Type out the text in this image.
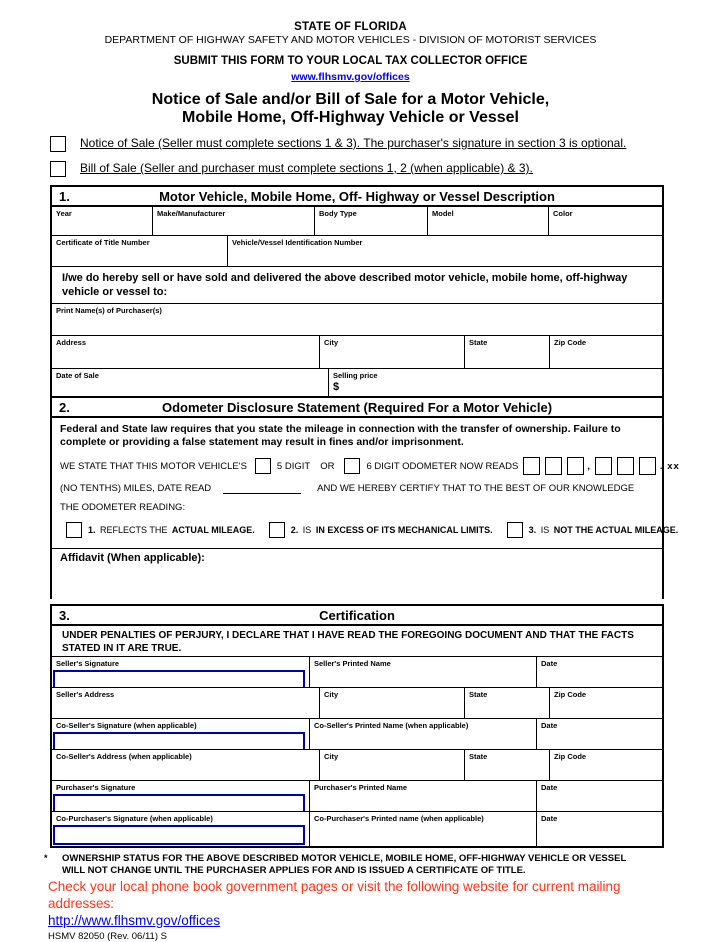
STATE OF FLORIDA
DEPARTMENT OF HIGHWAY SAFETY AND MOTOR VEHICLES - DIVISION OF MOTORIST SERVICES
SUBMIT THIS FORM TO YOUR LOCAL TAX COLLECTOR OFFICE
www.flhsmv.gov/offices
Notice of Sale and/or Bill of Sale for a Motor Vehicle,
Mobile Home, Off-Highway Vehicle or Vessel
Notice of Sale (Seller must complete sections 1 & 3). The purchaser's signature in section 3 is optional.
Bill of Sale (Seller and purchaser must complete sections 1, 2 (when applicable) & 3).
1.	Motor Vehicle, Mobile Home, Off- Highway or Vessel Description
Year	Make/Manufacturer	Body Type	Model	Color
Certificate of Title Number	Vehicle/Vessel Identification Number
I/we do hereby sell or have sold and delivered the above described motor vehicle, mobile home, off-highway vehicle or vessel to:
Print Name(s) of Purchaser(s)
Address	City	State	Zip Code
Date of Sale	Selling price
$
2.	Odometer Disclosure Statement (Required For a Motor Vehicle)
Federal and State law requires that you state the mileage in connection with the transfer of ownership. Failure to complete or providing a false statement may result in fines and/or imprisonment.
WE STATE THAT THIS MOTOR VEHICLE'S	5 DIGIT OR	6 DIGIT ODOMETER NOW READS	,	. xx
(NO TENTHS) MILES, DATE READ	AND WE HEREBY CERTIFY THAT TO THE BEST OF OUR KNOWLEDGE
THE ODOMETER READING:
1. REFLECTS THE ACTUAL MILEAGE.	2. IS IN EXCESS OF ITS MECHANICAL LIMITS.	3. IS NOT THE ACTUAL MILEAGE.
Affidavit (When applicable):
3.	Certification
UNDER PENALTIES OF PERJURY, I DECLARE THAT I HAVE READ THE FOREGOING DOCUMENT AND THAT THE FACTS STATED IN IT ARE TRUE.
Seller's Signature	Seller's Printed Name	Date
Seller's Address	City	State	Zip Code
Co-Seller's Signature (when applicable)	Co-Seller's Printed Name (when applicable)	Date
Co-Seller's Address (when applicable)	City	State	Zip Code
Purchaser's Signature	Purchaser's Printed Name	Date
Co-Purchaser's Signature (when applicable)	Co-Purchaser's Printed name (when applicable)	Date
*	OWNERSHIP STATUS FOR THE ABOVE DESCRIBED MOTOR VEHICLE, MOBILE HOME, OFF-HIGHWAY VEHICLE OR VESSEL WILL NOT CHANGE UNTIL THE PURCHASER APPLIES FOR AND IS ISSUED A CERTIFICATE OF TITLE.
Check your local phone book government pages or visit the following website for current mailing addresses:
http://www.flhsmv.gov/offices
HSMV 82050 (Rev. 06/11) S
